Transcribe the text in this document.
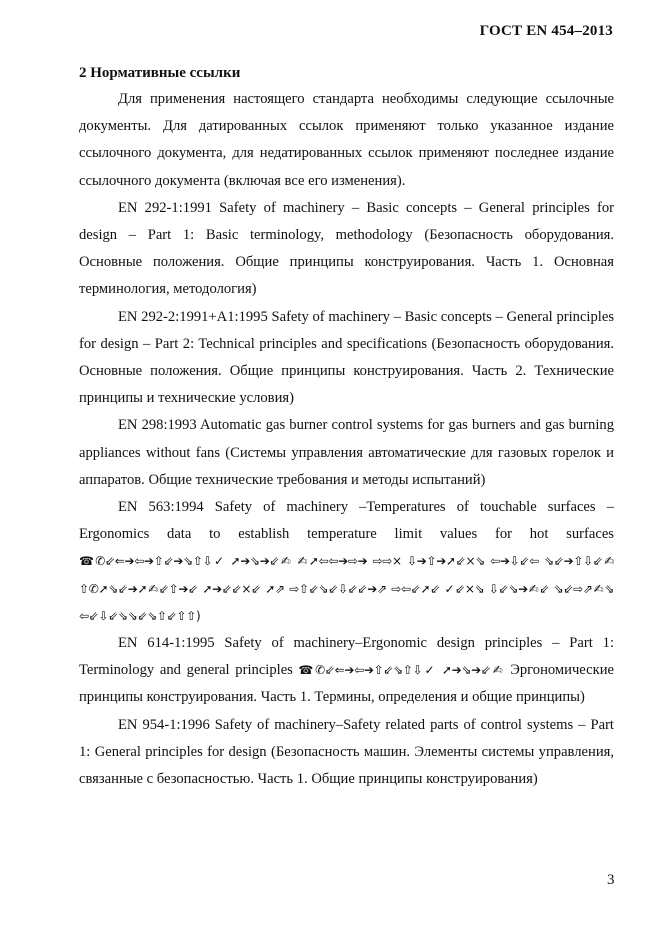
ГОСТ EN 454–2013
2 Нормативные ссылки

Для применения настоящего стандарта необходимы следующие ссылочные документы. Для датированных ссылок применяют только указанное издание ссылочного документа, для недатированных ссылок применяют последнее издание ссылочного документа (включая все его изменения).

EN 292-1:1991 Safety of machinery – Basic concepts – General principles for design – Part 1: Basic terminology, methodology (Безопасность оборудования. Основные положения. Общие принципы конструирования. Часть 1. Основная терминология, методология)

EN 292-2:1991+A1:1995 Safety of machinery – Basic concepts – General principles for design – Part 2: Technical principles and specifications (Безопасность оборудования. Основные положения. Общие принципы конструирования. Часть 2. Технические принципы и технические условия)

EN 298:1993 Automatic gas burner control systems for gas burners and gas burning appliances without fans (Системы управления автоматические для газовых горелок и аппаратов. Общие технические требования и методы испытаний)

EN 563:1994 Safety of machinery –Temperatures of touchable surfaces – Ergonomics data to establish temperature limit values for hot surfaces ☎✆⇙⇐➔⇦➔⇧⇙➔⇘⇧⇩✓ ➚➔⇘➔⇙✍ ✍➚⇦⇦➔⇨➔ ⇨⇨× ⇩➔⇧➔➚⇙×⇘ ⇦➔⇩⇙⇦ ⇘⇙➔⇧⇩⇙✍ ⇧✆➚⇘⇙➔➚✍⇙⇧➔⇙ ➚➔⇙⇙×⇙ ➚⇗ ⇨⇧⇙⇘⇙⇩⇙⇙➔⇗ ⇨⇦⇙➚⇙ ✓⇙×⇘ ⇩⇙⇘➔✍⇙ ⇘⇙⇨⇗✍⇘ ⇦⇙⇩⇙⇘⇘⇙⇘⇧⇙⇧⇧)

EN 614-1:1995 Safety of machinery–Ergonomic design principles – Part 1: Terminology and general principles ☎✆⇙⇐➔⇦➔⇧⇙⇘⇧⇩✓ ➚➔⇘➔⇙✍ Эргономические принципы конструирования. Часть 1. Термины, определения и общие принципы)

EN 954-1:1996 Safety of machinery–Safety related parts of control systems – Part 1: General principles for design (Безопасность машин. Элементы системы управления, связанные с безопасностью. Часть 1. Общие принципы конструирования)

3
